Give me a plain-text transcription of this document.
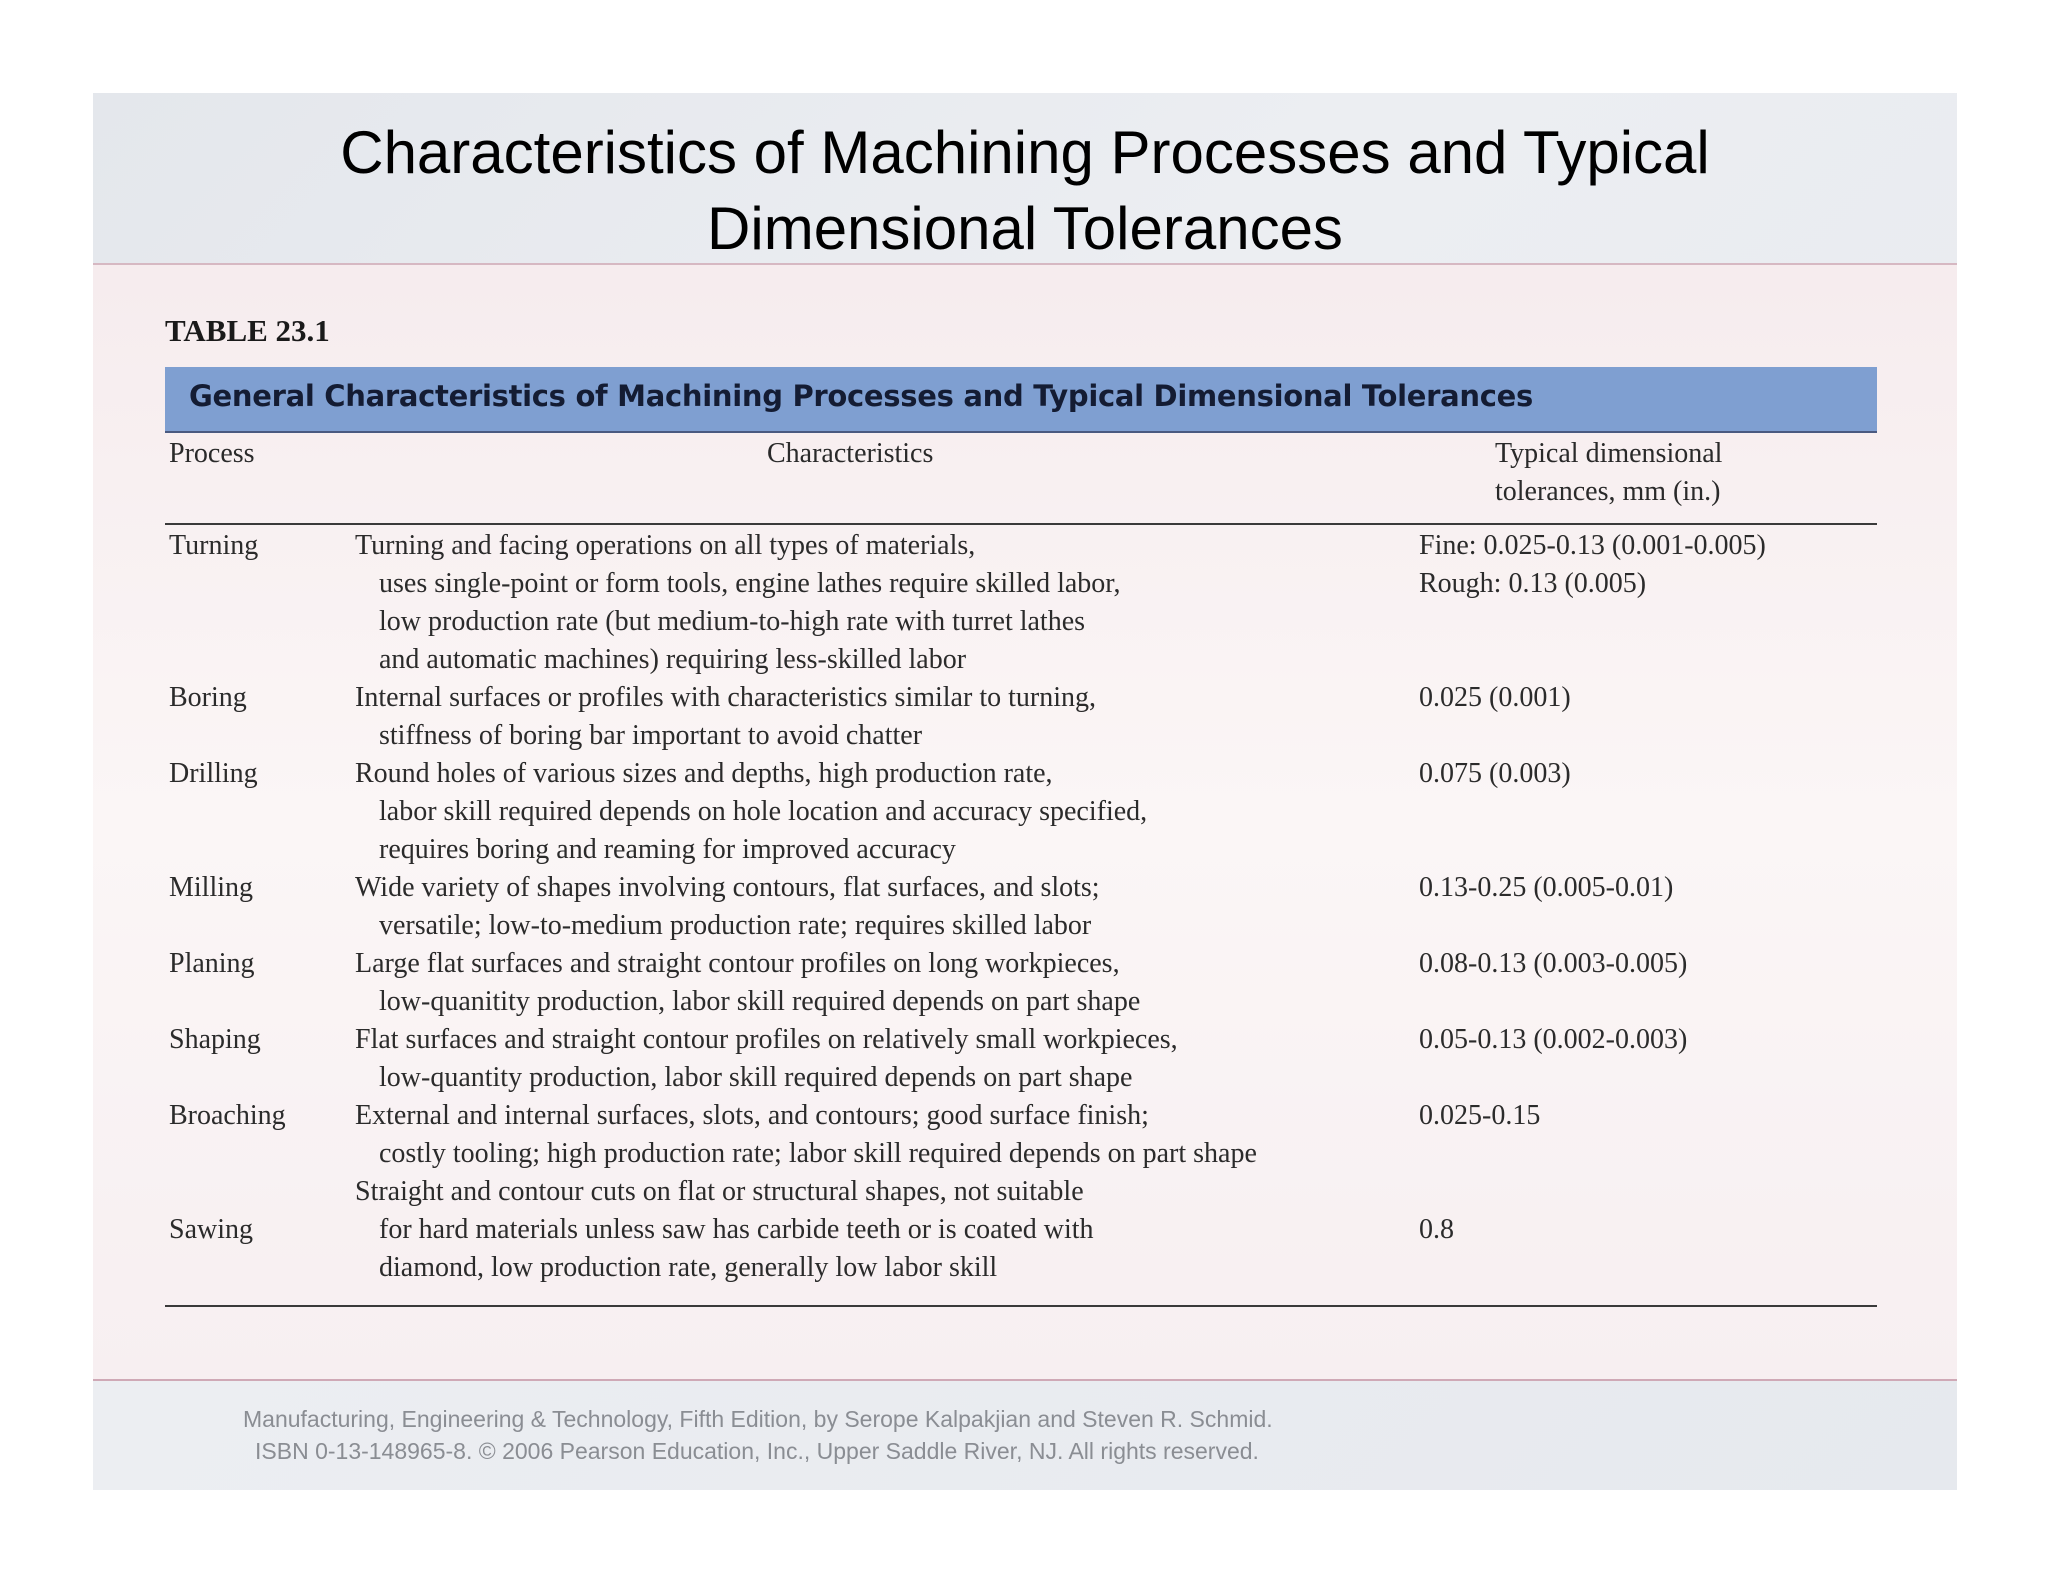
Characteristics of Machining Processes and Typical
Dimensional Tolerances
TABLE 23.1
General Characteristics of Machining Processes and Typical Dimensional Tolerances
Process	Characteristics	Typical dimensional
tolerances, mm (in.)
Turning	Turning and facing operations on all types of materials,
uses single-point or form tools, engine lathes require skilled labor,
low production rate (but medium-to-high rate with turret lathes
and automatic machines) requiring less-skilled labor
Fine: 0.025-0.13 (0.001-0.005)
Rough: 0.13 (0.005)
Boring	Internal surfaces or profiles with characteristics similar to turning,
stiffness of boring bar important to avoid chatter
0.025 (0.001)
Drilling	Round holes of various sizes and depths, high production rate,
labor skill required depends on hole location and accuracy specified,
requires boring and reaming for improved accuracy
0.075 (0.003)
Milling	Wide variety of shapes involving contours, flat surfaces, and slots;
versatile; low-to-medium production rate; requires skilled labor
0.13-0.25 (0.005-0.01)
Planing	Large flat surfaces and straight contour profiles on long workpieces,
low-quanitity production, labor skill required depends on part shape
0.08-0.13 (0.003-0.005)
Shaping	Flat surfaces and straight contour profiles on relatively small workpieces,
low-quantity production, labor skill required depends on part shape
0.05-0.13 (0.002-0.003)
Broaching External and internal surfaces, slots, and contours; good surface finish;
costly tooling; high production rate; labor skill required depends on part shape
0.025-0.15
Sawing
Straight and contour cuts on flat or structural shapes, not suitable
for hard materials unless saw has carbide teeth or is coated with
diamond, low production rate, generally low labor skill
0.8
Manufacturing, Engineering & Technology, Fifth Edition, by Serope Kalpakjian and Steven R. Schmid.
ISBN 0-13-148965-8. © 2006 Pearson Education, Inc., Upper Saddle River, NJ. All rights reserved.
